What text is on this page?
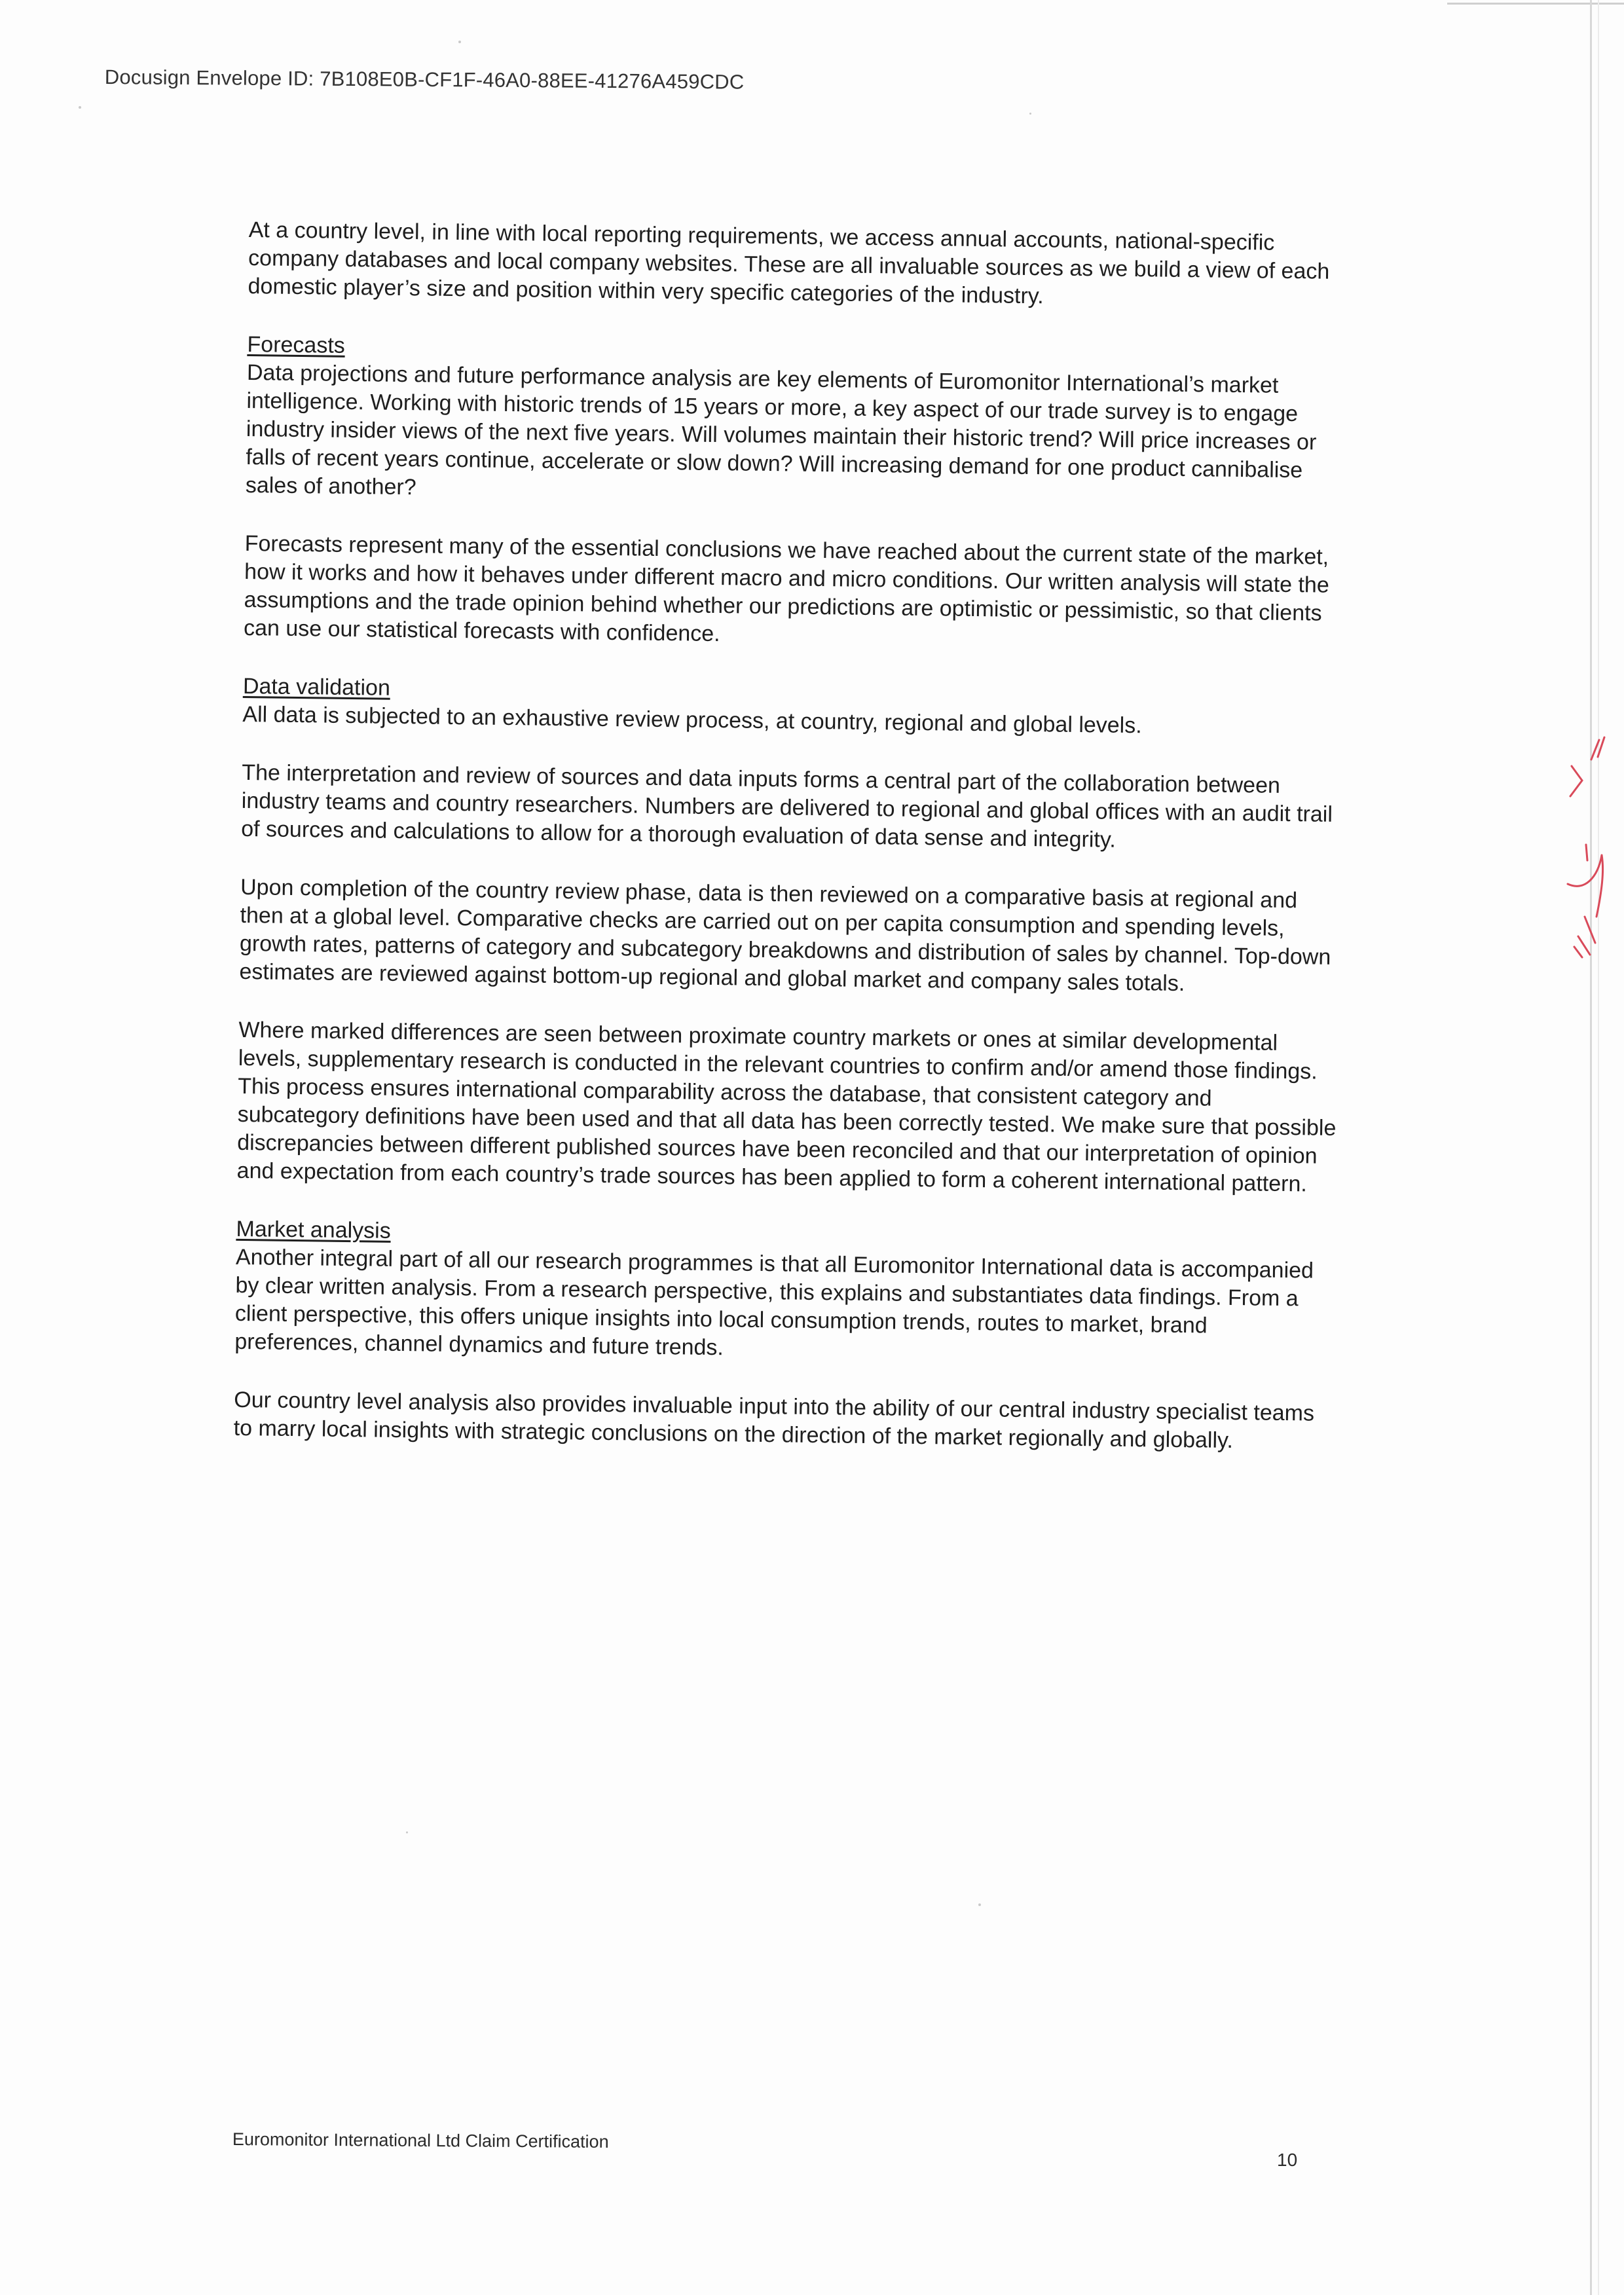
Docusign Envelope ID: 7B108E0B-CF1F-46A0-88EE-41276A459CDC

At a country level, in line with local reporting requirements, we access annual accounts, national-specific company databases and local company websites. These are all invaluable sources as we build a view of each domestic player’s size and position within very specific categories of the industry.

Forecasts

Data projections and future performance analysis are key elements of Euromonitor International’s market intelligence. Working with historic trends of 15 years or more, a key aspect of our trade survey is to engage industry insider views of the next five years. Will volumes maintain their historic trend? Will price increases or falls of recent years continue, accelerate or slow down? Will increasing demand for one product cannibalise sales of another?

Forecasts represent many of the essential conclusions we have reached about the current state of the market, how it works and how it behaves under different macro and micro conditions. Our written analysis will state the assumptions and the trade opinion behind whether our predictions are optimistic or pessimistic, so that clients can use our statistical forecasts with confidence.

Data validation

All data is subjected to an exhaustive review process, at country, regional and global levels.

The interpretation and review of sources and data inputs forms a central part of the collaboration between industry teams and country researchers. Numbers are delivered to regional and global offices with an audit trail of sources and calculations to allow for a thorough evaluation of data sense and integrity.

Upon completion of the country review phase, data is then reviewed on a comparative basis at regional and then at a global level. Comparative checks are carried out on per capita consumption and spending levels, growth rates, patterns of category and subcategory breakdowns and distribution of sales by channel. Top-down estimates are reviewed against bottom-up regional and global market and company sales totals.

Where marked differences are seen between proximate country markets or ones at similar developmental levels, supplementary research is conducted in the relevant countries to confirm and/or amend those findings. This process ensures international comparability across the database, that consistent category and subcategory definitions have been used and that all data has been correctly tested. We make sure that possible discrepancies between different published sources have been reconciled and that our interpretation of opinion and expectation from each country’s trade sources has been applied to form a coherent international pattern.

Market analysis

Another integral part of all our research programmes is that all Euromonitor International data is accompanied by clear written analysis. From a research perspective, this explains and substantiates data findings. From a client perspective, this offers unique insights into local consumption trends, routes to market, brand preferences, channel dynamics and future trends.

Our country level analysis also provides invaluable input into the ability of our central industry specialist teams to marry local insights with strategic conclusions on the direction of the market regionally and globally.

Euromonitor International Ltd Claim Certification
10
